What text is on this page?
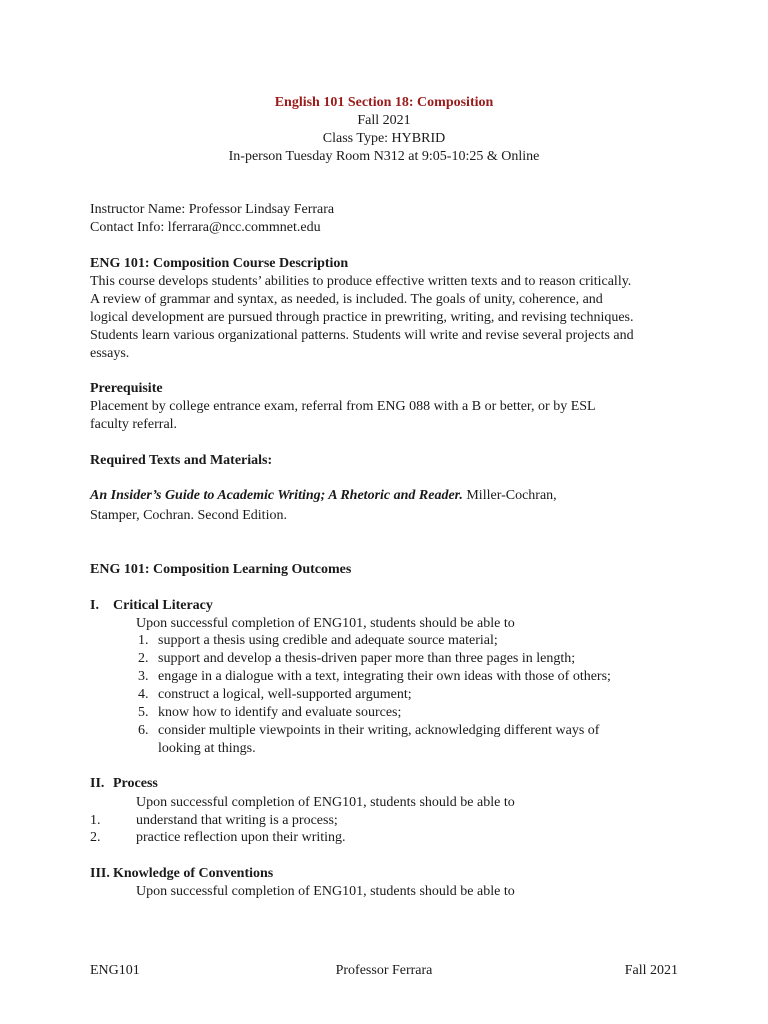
English 101 Section 18: Composition
Fall 2021
Class Type: HYBRID
In-person Tuesday Room N312 at 9:05-10:25 & Online
Instructor Name: Professor Lindsay Ferrara
Contact Info: lferrara@ncc.commnet.edu
ENG 101: Composition Course Description
This course develops students’ abilities to produce effective written texts and to reason critically.
A review of grammar and syntax, as needed, is included. The goals of unity, coherence, and
logical development are pursued through practice in prewriting, writing, and revising techniques.
Students learn various organizational patterns. Students will write and revise several projects and
essays.
Prerequisite
Placement by college entrance exam, referral from ENG 088 with a B or better, or by ESL
faculty referral.
Required Texts and Materials:
An Insider’s Guide to Academic Writing; A Rhetoric and Reader. Miller-Cochran,
Stamper, Cochran. Second Edition.
ENG 101: Composition Learning Outcomes
I. Critical Literacy
Upon successful completion of ENG101, students should be able to
1. support a thesis using credible and adequate source material;
2. support and develop a thesis-driven paper more than three pages in length;
3. engage in a dialogue with a text, integrating their own ideas with those of others;
4. construct a logical, well-supported argument;
5. know how to identify and evaluate sources;
6. consider multiple viewpoints in their writing, acknowledging different ways of
looking at things.
II. Process
Upon successful completion of ENG101, students should be able to
1.	understand that writing is a process;
2.	practice reflection upon their writing.
III. Knowledge of Conventions
Upon successful completion of ENG101, students should be able to
ENG101	Professor Ferrara	Fall 2021
